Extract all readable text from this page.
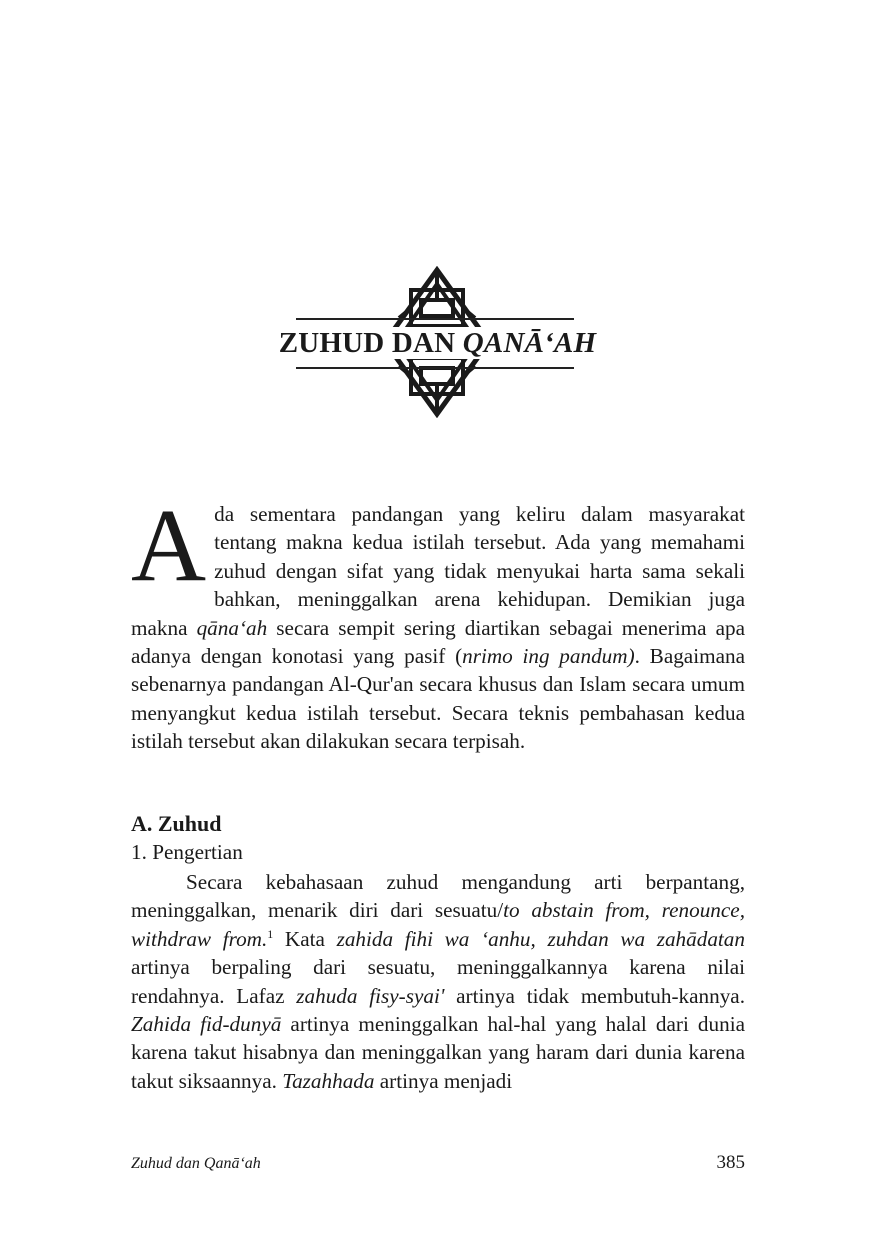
ZUHUD DAN QANĀ‘AH
Ada sementara pandangan yang keliru dalam masyarakat tentang makna kedua istilah tersebut. Ada yang memahami zuhud dengan sifat yang tidak menyukai harta sama sekali bahkan, meninggalkan arena kehidupan. Demikian juga makna qāna‘ah secara sempit sering diartikan sebagai menerima apa adanya dengan konotasi yang pasif (nrimo ing pandum). Bagaimana sebenarnya pandangan Al-Qur'an secara khusus dan Islam secara umum menyangkut kedua istilah tersebut. Secara teknis pembahasan kedua istilah tersebut akan dilakukan secara terpisah.
A. Zuhud
1. Pengertian
Secara kebahasaan zuhud mengandung arti berpantang, meninggalkan, menarik diri dari sesuatu/to abstain from, renounce, withdraw from.$^1$ Kata zahida fihi wa ‘anhu, zuhdan wa zahādatan artinya berpaling dari sesuatu, meninggalkannya karena nilai rendahnya. Lafaz zahuda fisy-syai' artinya tidak membutuh-kannya. Zahida fid-dunyā artinya meninggalkan hal-hal yang halal dari dunia karena takut hisabnya dan meninggalkan yang haram dari dunia karena takut siksaannya. Tazahhada artinya menjadi
Zuhud dan Qanā‘ah	385
